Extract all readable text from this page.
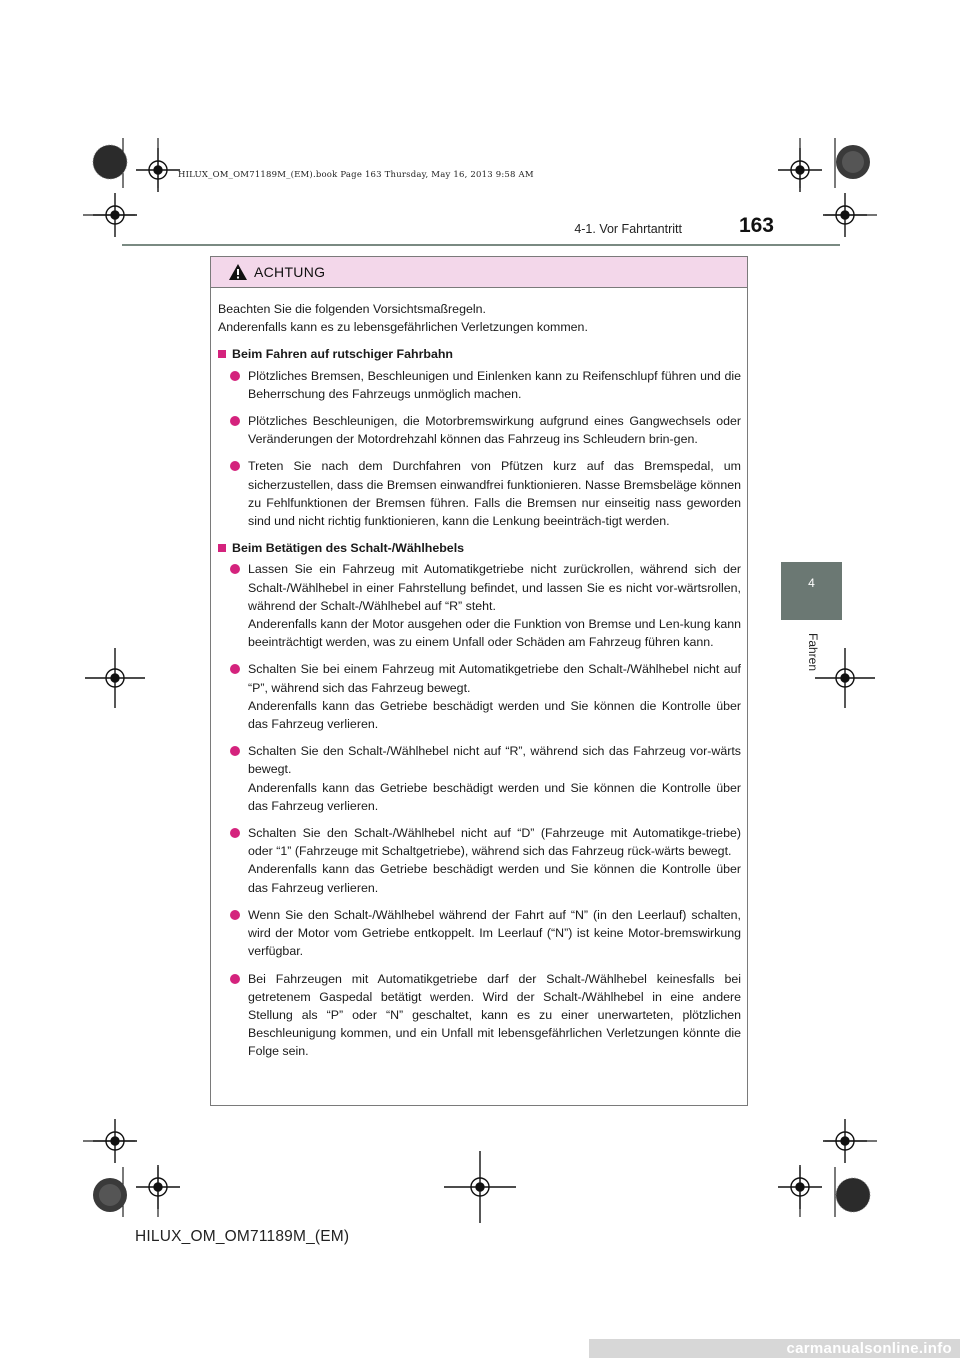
HILUX_OM_OM71189M_(EM).book Page 163 Thursday, May 16, 2013 9:58 AM
4-1. Vor Fahrtantritt	163
4
Fahren
ACHTUNG

Beachten Sie die folgenden Vorsichtsmaßregeln.

Anderenfalls kann es zu lebensgefährlichen Verletzungen kommen.

Beim Fahren auf rutschiger Fahrbahn
Plötzliches Bremsen, Beschleunigen und Einlenken kann zu Reifenschlupf führen und die Beherrschung des Fahrzeugs unmöglich machen.
Plötzliches Beschleunigen, die Motorbremswirkung aufgrund eines Gangwechsels oder Veränderungen der Motordrehzahl können das Fahrzeug ins Schleudern brin-gen.
Treten Sie nach dem Durchfahren von Pfützen kurz auf das Bremspedal, um sicherzustellen, dass die Bremsen einwandfrei funktionieren. Nasse Bremsbeläge können zu Fehlfunktionen der Bremsen führen. Falls die Bremsen nur einseitig nass geworden sind und nicht richtig funktionieren, kann die Lenkung beeinträch-tigt werden.
Beim Betätigen des Schalt-/Wählhebels
Lassen Sie ein Fahrzeug mit Automatikgetriebe nicht zurückrollen, während sich der Schalt-/Wählhebel in einer Fahrstellung befindet, und lassen Sie es nicht vor-wärtsrollen, während der Schalt-/Wählhebel auf “R” steht.
Anderenfalls kann der Motor ausgehen oder die Funktion von Bremse und Len-kung kann beeinträchtigt werden, was zu einem Unfall oder Schäden am Fahrzeug führen kann.
Schalten Sie bei einem Fahrzeug mit Automatikgetriebe den Schalt-/Wählhebel nicht auf “P”, während sich das Fahrzeug bewegt.
Anderenfalls kann das Getriebe beschädigt werden und Sie können die Kontrolle über das Fahrzeug verlieren.
Schalten Sie den Schalt-/Wählhebel nicht auf “R”, während sich das Fahrzeug vor-wärts bewegt.
Anderenfalls kann das Getriebe beschädigt werden und Sie können die Kontrolle über das Fahrzeug verlieren.
Schalten Sie den Schalt-/Wählhebel nicht auf “D” (Fahrzeuge mit Automatikge-triebe) oder “1” (Fahrzeuge mit Schaltgetriebe), während sich das Fahrzeug rück-wärts bewegt.
Anderenfalls kann das Getriebe beschädigt werden und Sie können die Kontrolle über das Fahrzeug verlieren.
Wenn Sie den Schalt-/Wählhebel während der Fahrt auf “N” (in den Leerlauf) schalten, wird der Motor vom Getriebe entkoppelt. Im Leerlauf (“N”) ist keine Motor-bremswirkung verfügbar.
Bei Fahrzeugen mit Automatikgetriebe darf der Schalt-/Wählhebel keinesfalls bei getretenem Gaspedal betätigt werden. Wird der Schalt-/Wählhebel in eine andere Stellung als “P” oder “N” geschaltet, kann es zu einer unerwarteten, plötzlichen Beschleunigung kommen, und ein Unfall mit lebensgefährlichen Verletzungen könnte die Folge sein.
HILUX_OM_OM71189M_(EM)
carmanualsonline.info
